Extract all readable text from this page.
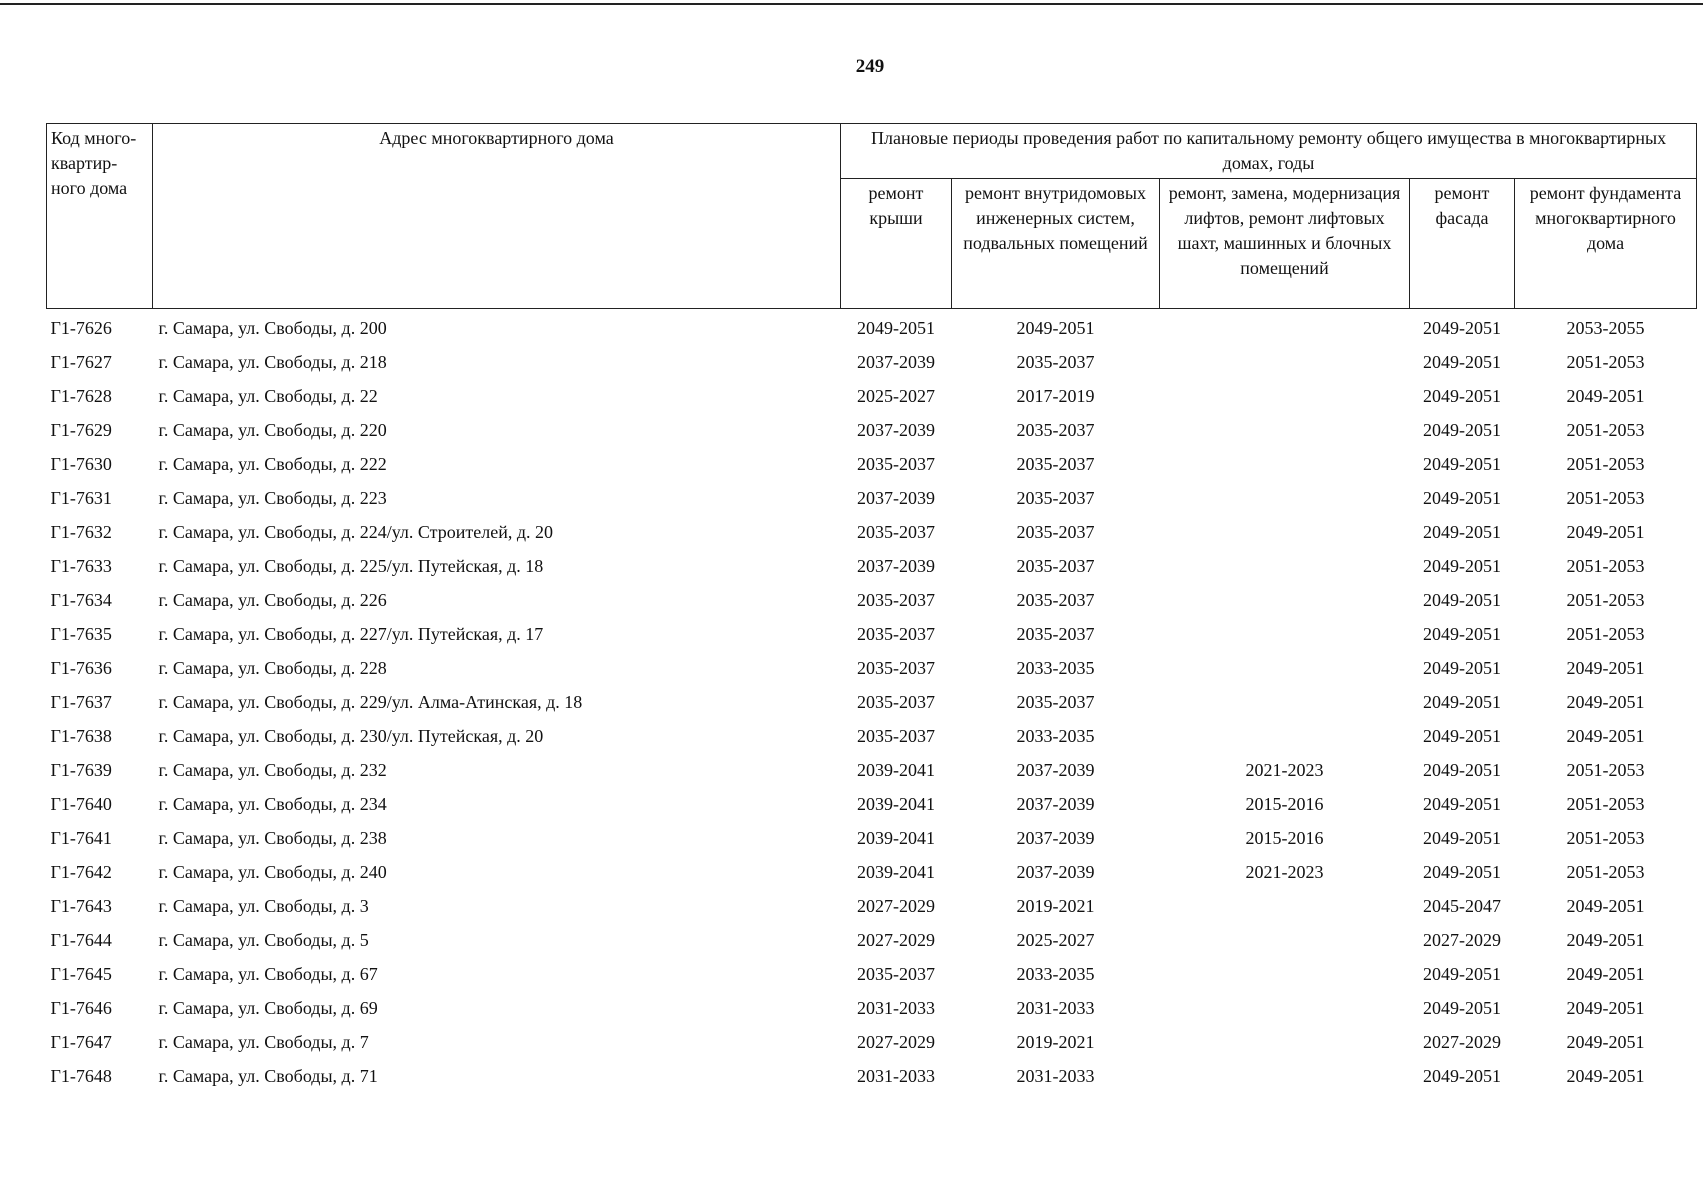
249
Код много-квартир-ного дома	Адрес многоквартирного дома	Плановые периоды проведения работ по капитальному ремонту общего имущества в многоквартирных домах, годы				
		ремонт крыши	ремонт внутридомовых инженерных систем, подвальных помещений	ремонт, замена, модернизация лифтов, ремонт лифтовых шахт, машинных и блочных помещений	ремонт фасада	ремонт фундамента многоквартирного дома
Г1-7626	г. Самара, ул. Свободы, д. 200	2049-2051	2049-2051		2049-2051	2053-2055
Г1-7627	г. Самара, ул. Свободы, д. 218	2037-2039	2035-2037		2049-2051	2051-2053
Г1-7628	г. Самара, ул. Свободы, д. 22	2025-2027	2017-2019		2049-2051	2049-2051
Г1-7629	г. Самара, ул. Свободы, д. 220	2037-2039	2035-2037		2049-2051	2051-2053
Г1-7630	г. Самара, ул. Свободы, д. 222	2035-2037	2035-2037		2049-2051	2051-2053
Г1-7631	г. Самара, ул. Свободы, д. 223	2037-2039	2035-2037		2049-2051	2051-2053
Г1-7632	г. Самара, ул. Свободы, д. 224/ул. Строителей, д. 20	2035-2037	2035-2037		2049-2051	2049-2051
Г1-7633	г. Самара, ул. Свободы, д. 225/ул. Путейская, д. 18	2037-2039	2035-2037		2049-2051	2051-2053
Г1-7634	г. Самара, ул. Свободы, д. 226	2035-2037	2035-2037		2049-2051	2051-2053
Г1-7635	г. Самара, ул. Свободы, д. 227/ул. Путейская, д. 17	2035-2037	2035-2037		2049-2051	2051-2053
Г1-7636	г. Самара, ул. Свободы, д. 228	2035-2037	2033-2035		2049-2051	2049-2051
Г1-7637	г. Самара, ул. Свободы, д. 229/ул. Алма-Атинская, д. 18	2035-2037	2035-2037		2049-2051	2049-2051
Г1-7638	г. Самара, ул. Свободы, д. 230/ул. Путейская, д. 20	2035-2037	2033-2035		2049-2051	2049-2051
Г1-7639	г. Самара, ул. Свободы, д. 232	2039-2041	2037-2039	2021-2023	2049-2051	2051-2053
Г1-7640	г. Самара, ул. Свободы, д. 234	2039-2041	2037-2039	2015-2016	2049-2051	2051-2053
Г1-7641	г. Самара, ул. Свободы, д. 238	2039-2041	2037-2039	2015-2016	2049-2051	2051-2053
Г1-7642	г. Самара, ул. Свободы, д. 240	2039-2041	2037-2039	2021-2023	2049-2051	2051-2053
Г1-7643	г. Самара, ул. Свободы, д. 3	2027-2029	2019-2021		2045-2047	2049-2051
Г1-7644	г. Самара, ул. Свободы, д. 5	2027-2029	2025-2027		2027-2029	2049-2051
Г1-7645	г. Самара, ул. Свободы, д. 67	2035-2037	2033-2035		2049-2051	2049-2051
Г1-7646	г. Самара, ул. Свободы, д. 69	2031-2033	2031-2033		2049-2051	2049-2051
Г1-7647	г. Самара, ул. Свободы, д. 7	2027-2029	2019-2021		2027-2029	2049-2051
Г1-7648	г. Самара, ул. Свободы, д. 71	2031-2033	2031-2033		2049-2051	2049-2051
